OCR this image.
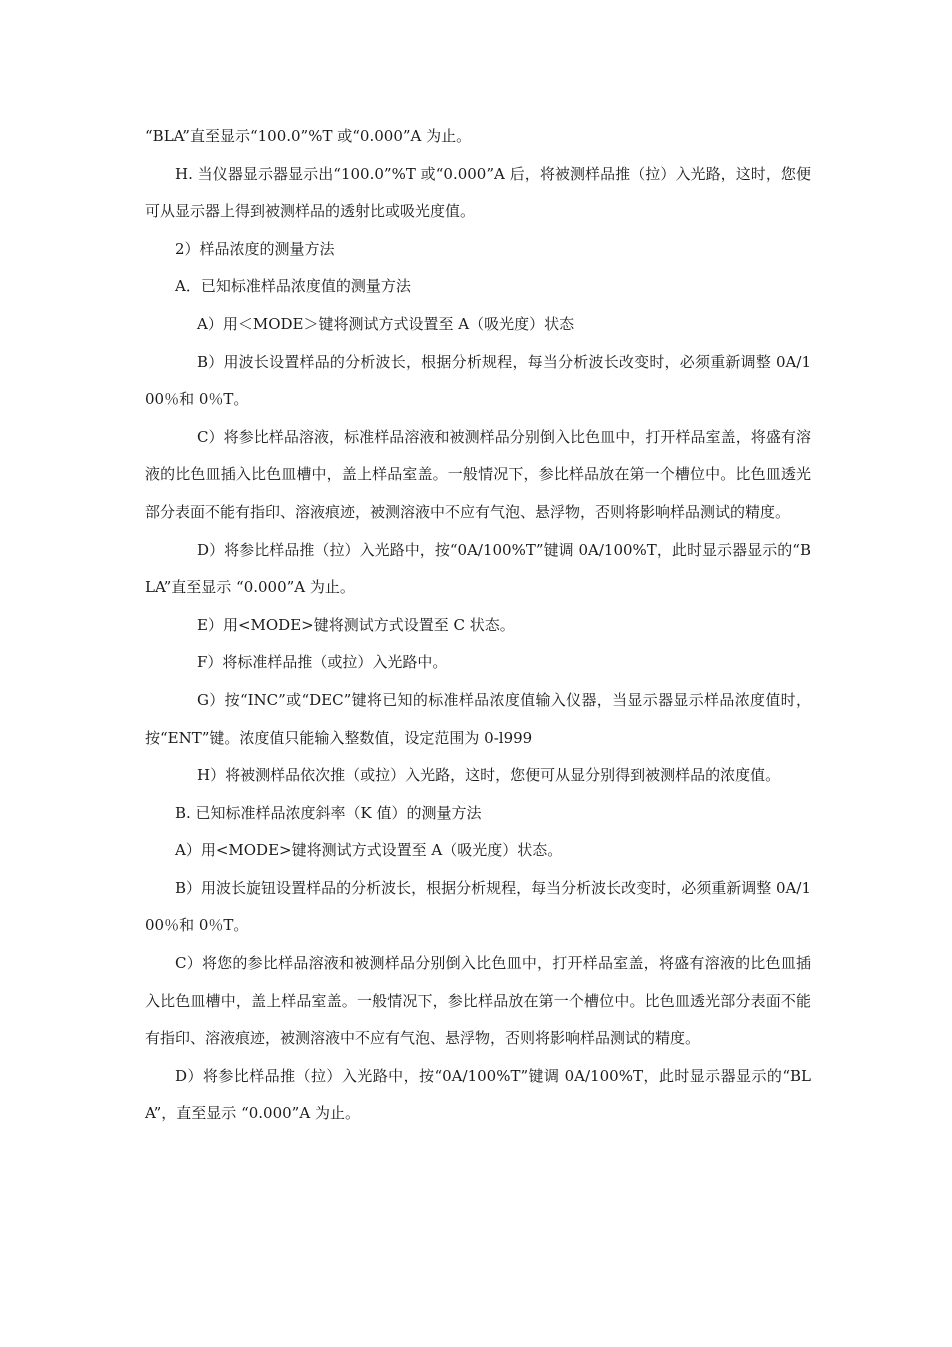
“BLA”直至显示“100.0”%T 或“0.000”A 为止。

H. 当仪器显示器显示出“100.0”%T 或“0.000”A 后，将被测样品推（拉）入光路，这时，您便可从显示器上得到被测样品的透射比或吸光度值。

2）样品浓度的测量方法

A．已知标准样品浓度值的测量方法

A）用＜MODE＞键将测试方式设置至 A（吸光度）状态

B）用波长设置样品的分析波长，根据分析规程，每当分析波长改变时，必须重新调整 0A/100％和 0％T。

C）将参比样品溶液，标准样品溶液和被测样品分别倒入比色皿中，打开样品室盖，将盛有溶液的比色皿插入比色皿槽中，盖上样品室盖。一般情况下，参比样品放在第一个槽位中。比色皿透光部分表面不能有指印、溶液痕迹，被测溶液中不应有气泡、悬浮物，否则将影响样品测试的精度。

D）将参比样品推（拉）入光路中，按“0A/100%T”键调 0A/100%T，此时显示器显示的“BLA”直至显示 “0.000”A 为止。

E）用<MODE>键将测试方式设置至 C 状态。

F）将标准样品推（或拉）入光路中。

G）按“INC”或“DEC”键将已知的标准样品浓度值输入仪器，当显示器显示样品浓度值时，按“ENT”键。浓度值只能输入整数值，设定范围为 0-l999

H）将被测样品依次推（或拉）入光路，这时，您便可从显分别得到被测样品的浓度值。

B. 已知标准样品浓度斜率（K 值）的测量方法

A）用<MODE>键将测试方式设置至 A（吸光度）状态。

B）用波长旋钮设置样品的分析波长，根据分析规程，每当分析波长改变时，必须重新调整 0A/100％和 0％T。

C）将您的参比样品溶液和被测样品分别倒入比色皿中，打开样品室盖，将盛有溶液的比色皿插入比色皿槽中，盖上样品室盖。一般情况下，参比样品放在第一个槽位中。比色皿透光部分表面不能有指印、溶液痕迹，被测溶液中不应有气泡、悬浮物，否则将影响样品测试的精度。

D）将参比样品推（拉）入光路中，按“0A/100%T”键调 0A/100%T，此时显示器显示的“BLA”，直至显示 “0.000”A 为止。
